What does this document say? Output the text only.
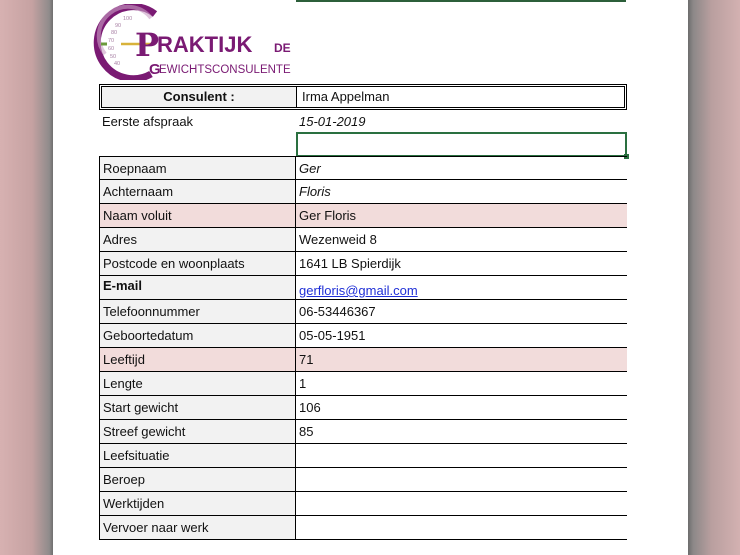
100
90
80
70
60
50
40 P
RAKTIJK DE
G
EWICHTSCONSULENTE
Consulent :	Irma Appelman
Eerste afspraak	15-01-2019
Roepnaam	Ger
Achternaam	Floris
Naam voluit	Ger Floris
Adres	Wezenweid 8
Postcode en woonplaats	1641 LB Spierdijk
E-mail	gerfloris@gmail.com
Telefoonnummer	06-53446367
Geboortedatum	05-05-1951
Leeftijd	71
Lengte	1
Start gewicht	106
Streef gewicht	85
Leefsituatie
Beroep
Werktijden
Vervoer naar werk
